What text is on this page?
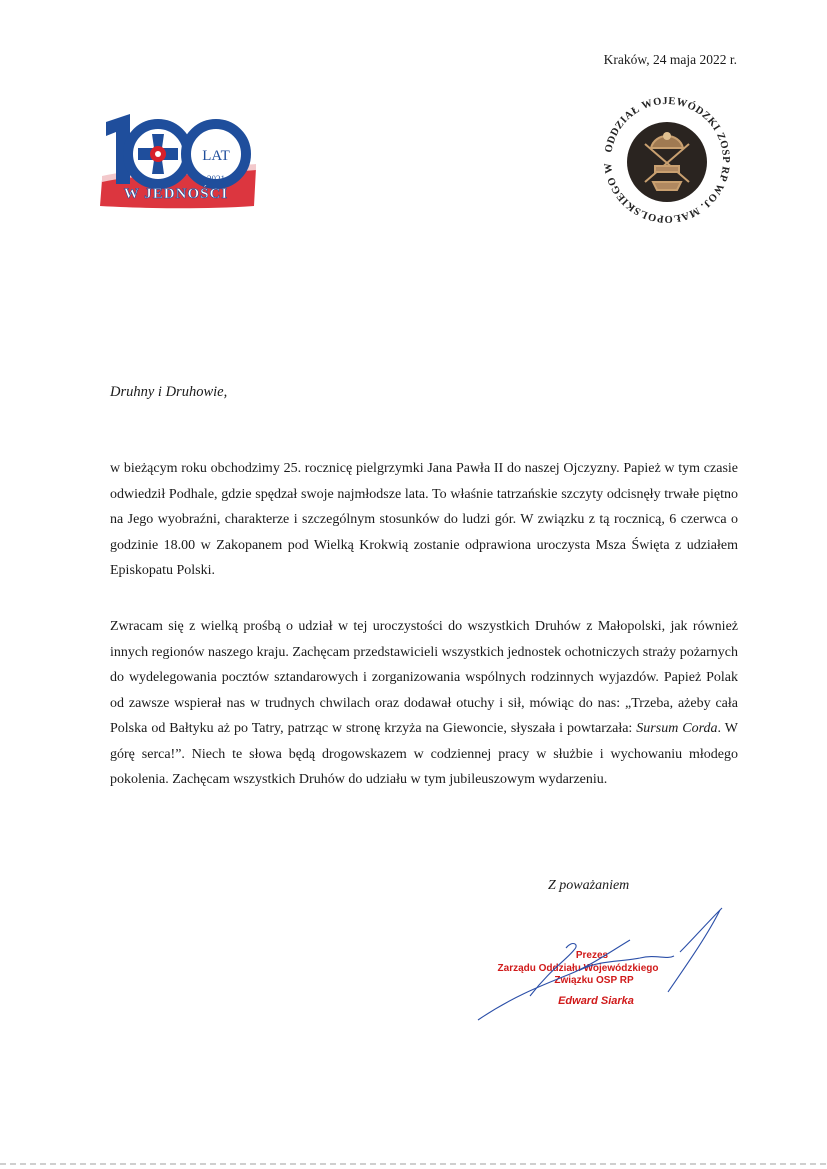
Kraków, 24 maja 2022 r.
1921
2021
LAT
W JEDNOŚCI
ODDZIAŁ WOJEWÓDZKI ZOSP RP WOJ. MAŁOPOLSKIEGO W
Druhny i Druhowie,

w bieżącym roku obchodzimy 25. rocznicę pielgrzymki Jana Pawła II do naszej Ojczyzny. Papież w tym czasie odwiedził Podhale, gdzie spędzał swoje najmłodsze lata. To właśnie tatrzańskie szczyty odcisnęły trwałe piętno na Jego wyobraźni, charakterze i szczególnym stosunków do ludzi gór. W związku z tą rocznicą, 6 czerwca o godzinie 18.00 w Zakopanem pod Wielką Krokwią zostanie odprawiona uroczysta Msza Święta z udziałem Episkopatu Polski.

Zwracam się z wielką prośbą o udział w tej uroczystości do wszystkich Druhów z Małopolski, jak również innych regionów naszego kraju. Zachęcam przedstawicieli wszystkich jednostek ochotniczych straży pożarnych do wydelegowania pocztów sztandarowych i zorganizowania wspólnych rodzinnych wyjazdów. Papież Polak od zawsze wspierał nas w trudnych chwilach oraz dodawał otuchy i sił, mówiąc do nas: „Trzeba, ażeby cała Polska od Bałtyku aż po Tatry, patrząc w stronę krzyża na Giewoncie, słyszała i powtarzała: Sursum Corda. W górę serca!”. Niech te słowa będą drogowskazem w codziennej pracy w służbie i wychowaniu młodego pokolenia. Zachęcam wszystkich Druhów do udziału w tym jubileuszowym wydarzeniu.

Z poważaniem
Prezes
Zarządu Oddziału Wojewódzkiego
Związku OSP RP
Edward Siarka
